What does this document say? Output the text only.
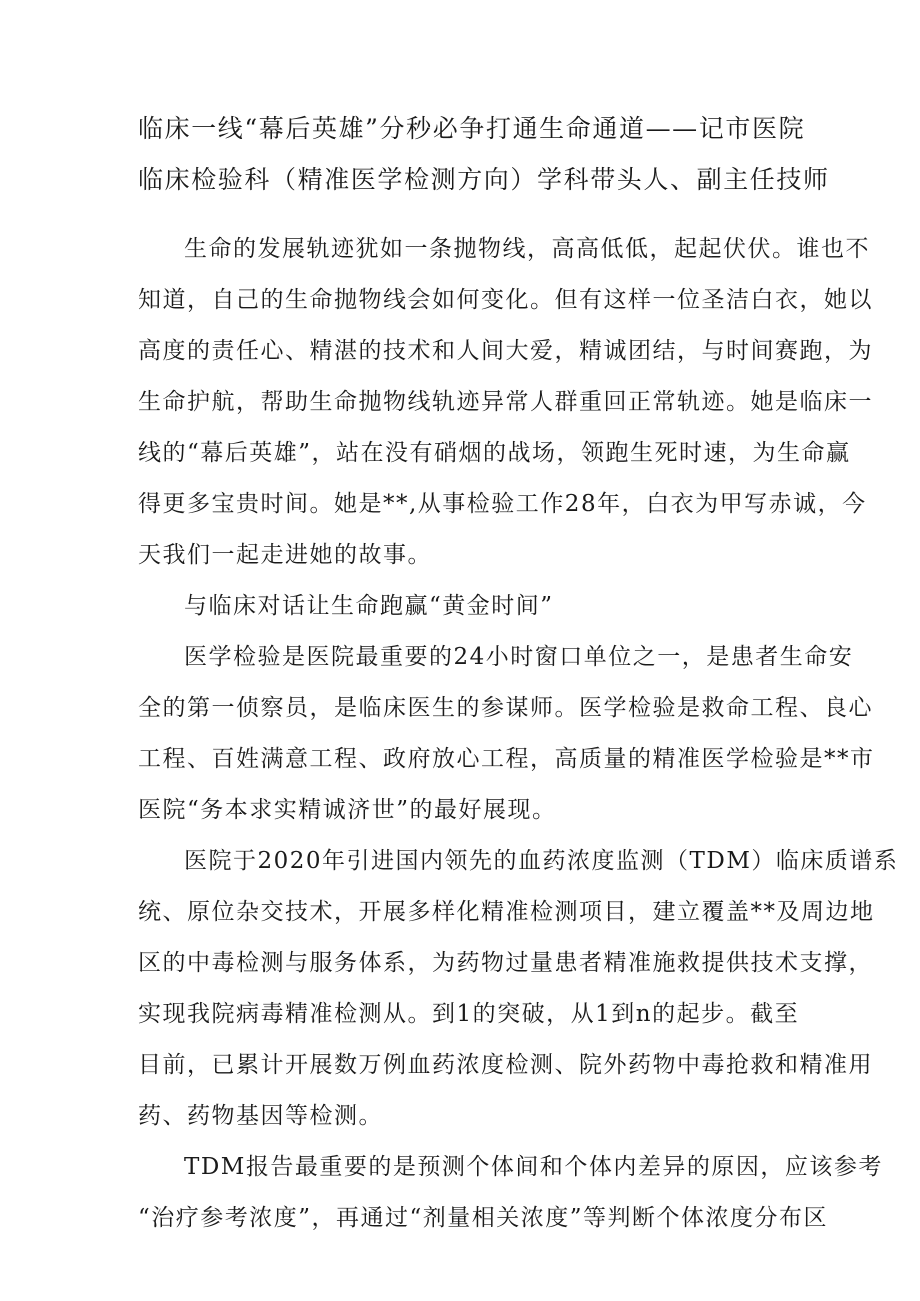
临床一线“幕后英雄”分秒必争打通生命通道——记市医院
临床检验科（精准医学检测方向）学科带头人、副主任技师
生命的发展轨迹犹如一条抛物线，高高低低，起起伏伏。谁也不
知道，自己的生命抛物线会如何变化。但有这样一位圣洁白衣，她以
高度的责任心、精湛的技术和人间大爱，精诚团结，与时间赛跑，为
生命护航，帮助生命抛物线轨迹异常人群重回正常轨迹。她是临床一
线的“幕后英雄”，站在没有硝烟的战场，领跑生死时速，为生命赢
得更多宝贵时间。她是**,从事检验工作28年，白衣为甲写赤诚，今
天我们一起走进她的故事。
与临床对话让生命跑赢“黄金时间”
医学检验是医院最重要的24小时窗口单位之一，是患者生命安
全的第一侦察员，是临床医生的参谋师。医学检验是救命工程、良心
工程、百姓满意工程、政府放心工程，高质量的精准医学检验是**市
医院“务本求实精诚济世”的最好展现。
医院于2020年引进国内领先的血药浓度监测（TDM）临床质谱系
统、原位杂交技术，开展多样化精准检测项目，建立覆盖**及周边地
区的中毒检测与服务体系，为药物过量患者精准施救提供技术支撑，
实现我院病毒精准检测从。到1的突破，从1到n的起步。截至
目前，已累计开展数万例血药浓度检测、院外药物中毒抢救和精准用
药、药物基因等检测。
TDM报告最重要的是预测个体间和个体内差异的原因，应该参考
“治疗参考浓度”，再通过“剂量相关浓度”等判断个体浓度分布区
